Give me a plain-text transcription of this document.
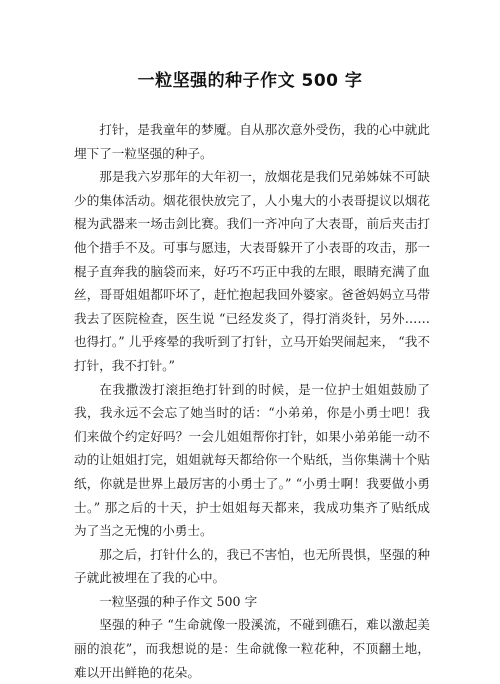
一粒坚强的种子作文 500 字

打针，是我童年的梦魇。自从那次意外受伤，我的心中就此埋下了一粒坚强的种子。

那是我六岁那年的大年初一，放烟花是我们兄弟姊妹不可缺少的集体活动。烟花很快放完了，人小鬼大的小表哥提议以烟花棍为武器来一场击剑比赛。我们一齐冲向了大表哥，前后夹击打他个措手不及。可事与愿违，大表哥躲开了小表哥的攻击，那一棍子直奔我的脑袋而来，好巧不巧正中我的左眼，眼睛充满了血丝，哥哥姐姐都吓坏了，赶忙抱起我回外婆家。爸爸妈妈立马带我去了医院检查，医生说 “已经发炎了，得打消炎针，另外……也得打。” 儿乎疼晕的我听到了打针，立马开始哭闹起来， “我不打针，我不打针。”

在我撒泼打滚拒绝打针到的时候，是一位护士姐姐鼓励了我，我永远不会忘了她当时的话：“小弟弟，你是小勇士吧！我们来做个约定好吗？一会儿姐姐帮你打针，如果小弟弟能一动不动的让姐姐打完，姐姐就每天都给你一个贴纸，当你集满十个贴纸，你就是世界上最厉害的小勇士了。” “小勇士啊！我要做小勇士。” 那之后的十天，护士姐姐每天都来，我成功集齐了贴纸成为了当之无愧的小勇士。

那之后，打针什么的，我已不害怕，也无所畏惧，坚强的种子就此被埋在了我的心中。

一粒坚强的种子作文 500 字

坚强的种子 “生命就像一股溪流，不碰到礁石，难以激起美丽的浪花”，而我想说的是：生命就像一粒花种，不顶翻土地，难以开出鲜艳的花朵。
